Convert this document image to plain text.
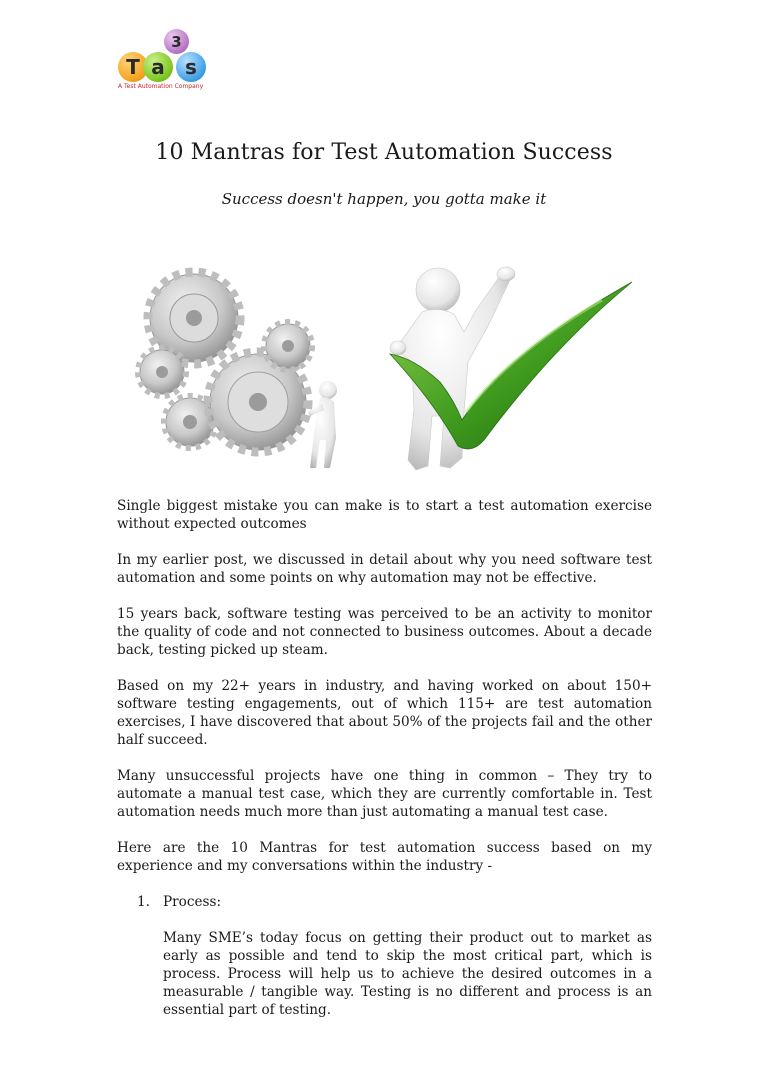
T a s
3
A Test Automation Company
10 Mantras for Test Automation Success

Success doesn't happen, you gotta make it

Single biggest mistake you can make is to start a test automation exercise without expected outcomes

In my earlier post, we discussed in detail about why you need software test automation and some points on why automation may not be effective.

15 years back, software testing was perceived to be an activity to monitor the quality of code and not connected to business outcomes. About a decade back, testing picked up steam.

Based on my 22+ years in industry, and having worked on about 150+ software testing engagements, out of which 115+ are test automation exercises, I have discovered that about 50% of the projects fail and the other half succeed.

Many unsuccessful projects have one thing in common – They try to automate a manual test case, which they are currently comfortable in. Test automation needs much more than just automating a manual test case.

Here are the 10 Mantras for test automation success based on my experience and my conversations within the industry -

1. Process:
Many SME’s today focus on getting their product out to market as early as possible and tend to skip the most critical part, which is process. Process will help us to achieve the desired outcomes in a measurable / tangible way. Testing is no different and process is an essential part of testing.
